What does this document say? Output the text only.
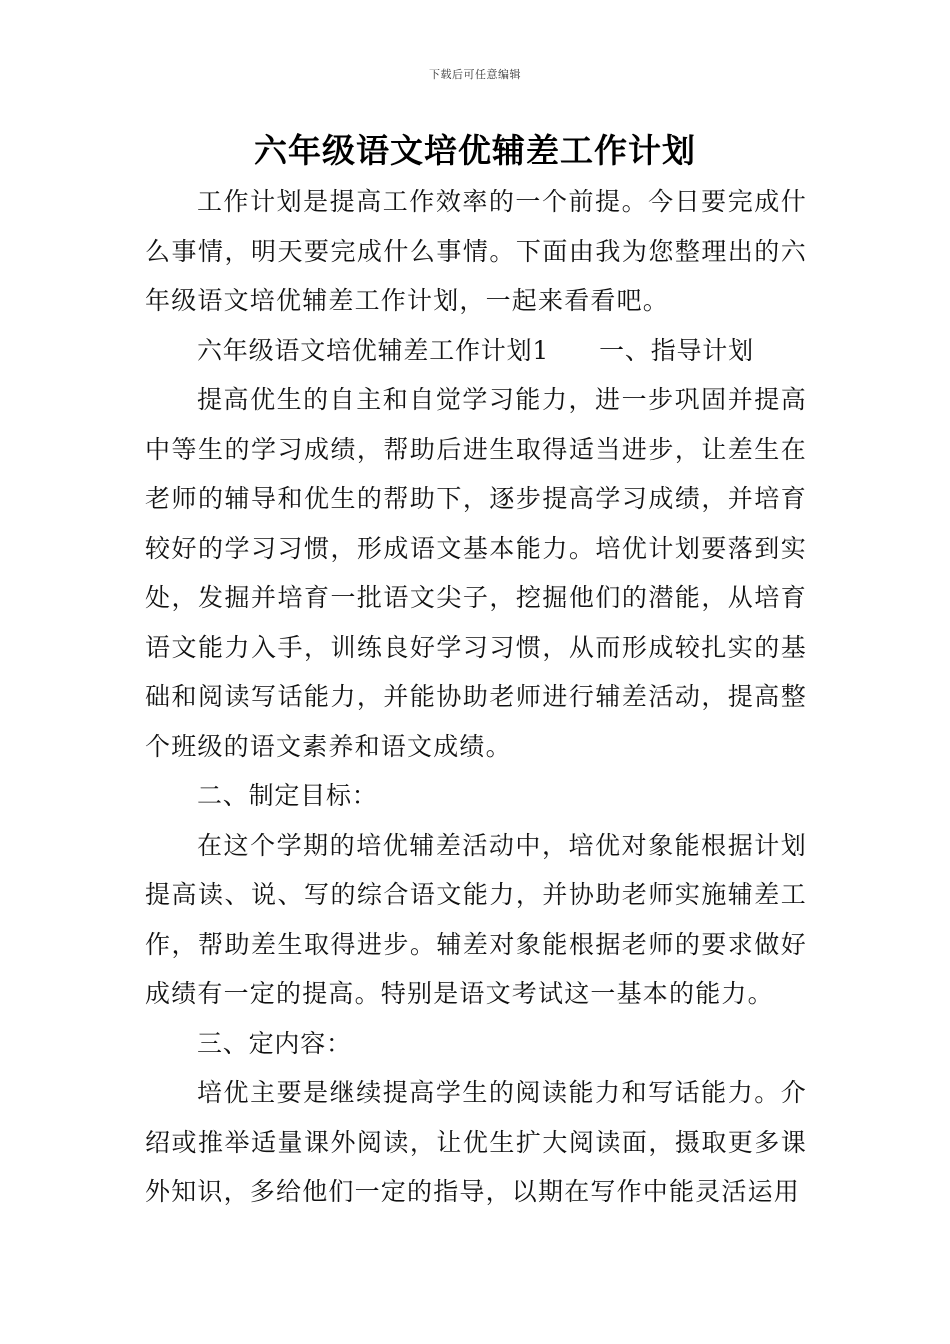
下载后可任意编辑
六年级语文培优辅差工作计划

工作计划是提高工作效率的一个前提。今日要完成什么事情，明天要完成什么事情。下面由我为您整理出的六年级语文培优辅差工作计划，一起来看看吧。

六年级语文培优辅差工作计划1 一、指导计划

提高优生的自主和自觉学习能力，进一步巩固并提高中等生的学习成绩，帮助后进生取得适当进步，让差生在老师的辅导和优生的帮助下，逐步提高学习成绩，并培育较好的学习习惯，形成语文基本能力。培优计划要落到实处，发掘并培育一批语文尖子，挖掘他们的潜能，从培育语文能力入手，训练良好学习习惯，从而形成较扎实的基础和阅读写话能力，并能协助老师进行辅差活动，提高整个班级的语文素养和语文成绩。

二、制定目标：

在这个学期的培优辅差活动中，培优对象能根据计划提高读、说、写的综合语文能力，并协助老师实施辅差工作，帮助差生取得进步。辅差对象能根据老师的要求做好成绩有一定的提高。特别是语文考试这一基本的能力。

三、定内容：

培优主要是继续提高学生的阅读能力和写话能力。介绍或推举适量课外阅读，让优生扩大阅读面，摄取更多课外知识，多给他们一定的指导，以期在写作中能灵活运用
